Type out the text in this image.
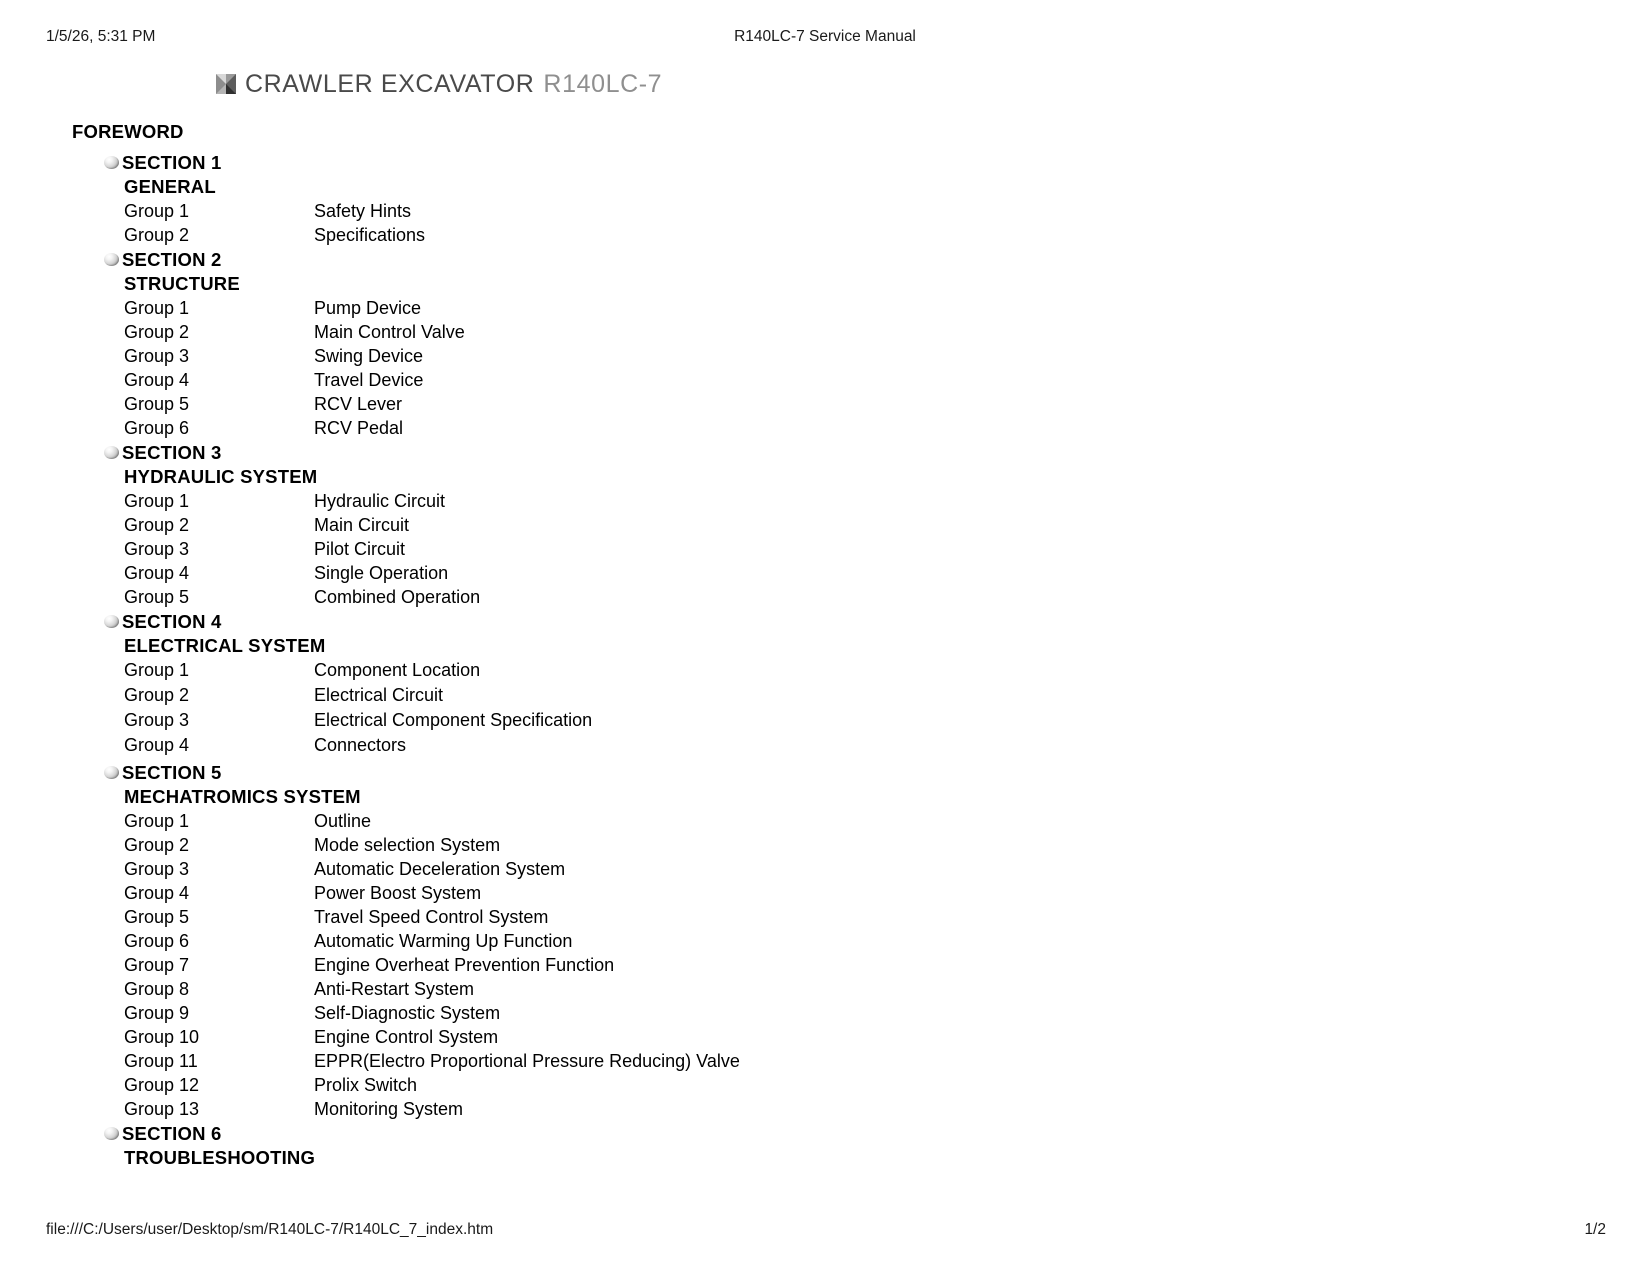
1/5/26, 5:31 PM	R140LC-7 Service Manual
CRAWLER EXCAVATOR R140LC-7
FOREWORD
SECTION 1
GENERAL
Group 1	Safety Hints
Group 2	Specifications
SECTION 2
STRUCTURE
Group 1	Pump Device
Group 2	Main Control Valve
Group 3	Swing Device
Group 4	Travel Device
Group 5	RCV Lever
Group 6	RCV Pedal
SECTION 3
HYDRAULIC SYSTEM
Group 1	Hydraulic Circuit
Group 2	Main Circuit
Group 3	Pilot Circuit
Group 4	Single Operation
Group 5	Combined Operation
SECTION 4
ELECTRICAL SYSTEM
Group 1	Component Location
Group 2	Electrical Circuit
Group 3	Electrical Component Specification
Group 4	Connectors
SECTION 5
MECHATROMICS SYSTEM
Group 1	Outline
Group 2	Mode selection System
Group 3	Automatic Deceleration System
Group 4	Power Boost System
Group 5	Travel Speed Control System
Group 6	Automatic Warming Up Function
Group 7	Engine Overheat Prevention Function
Group 8	Anti-Restart System
Group 9	Self-Diagnostic System
Group 10	Engine Control System
Group 11	EPPR(Electro Proportional Pressure Reducing) Valve
Group 12	Prolix Switch
Group 13	Monitoring System
SECTION 6
TROUBLESHOOTING
file:///C:/Users/user/Desktop/sm/R140LC-7/R140LC_7_index.htm	1/2
